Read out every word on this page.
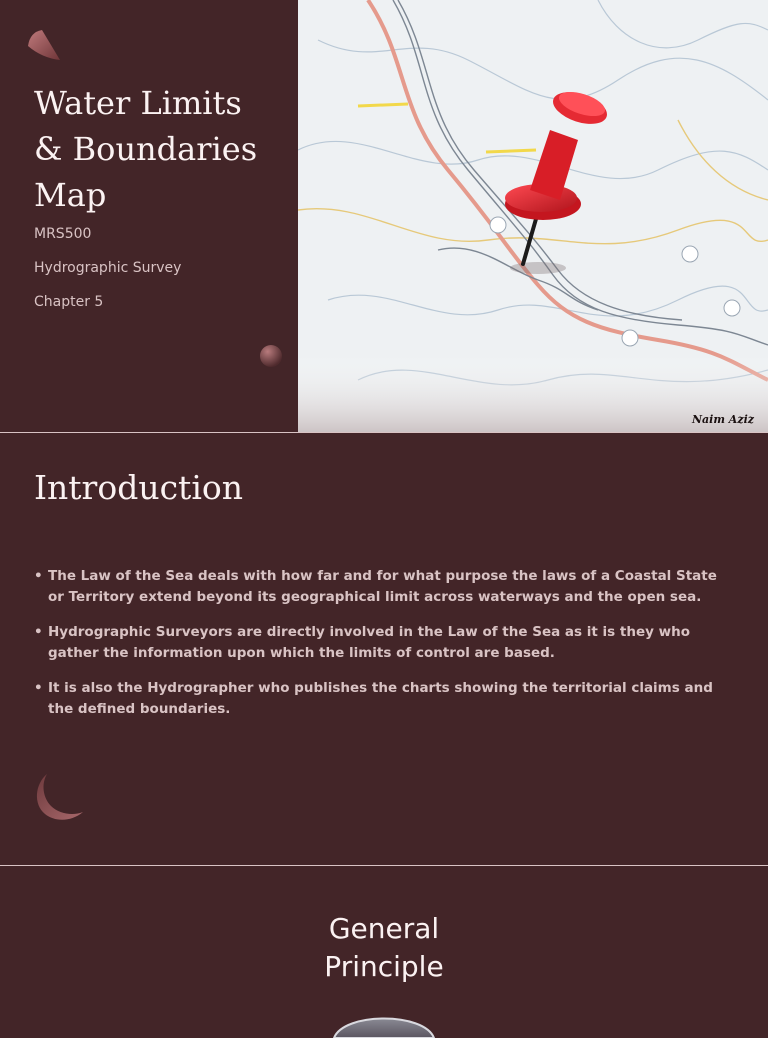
Water Limits
& Boundaries
Map
MRS500
Hydrographic Survey
Chapter 5
Naim Aziz
Introduction
• The Law of the Sea deals with how far and for what purpose the laws of a Coastal State or Territory extend beyond its geographical limit across waterways and the open sea.
• Hydrographic Surveyors are directly involved in the Law of the Sea as it is they who gather the information upon which the limits of control are based.
• It is also the Hydrographer who publishes the charts showing the territorial claims and the defined boundaries.
General
Principle
